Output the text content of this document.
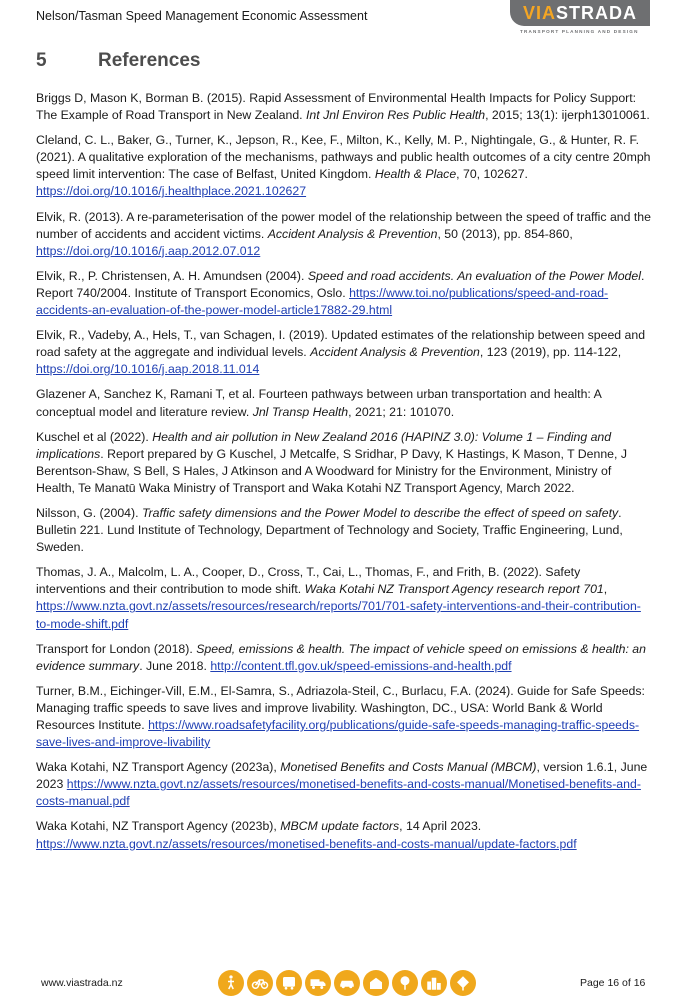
Nelson/Tasman Speed Management Economic Assessment	VIA STRADA
TRANSPORT PLANNING AND DESIGN
5	References

Briggs D, Mason K, Borman B. (2015). Rapid Assessment of Environmental Health Impacts for Policy Support: The Example of Road Transport in New Zealand. Int Jnl Environ Res Public Health, 2015; 13(1): ijerph13010061.

Cleland, C. L., Baker, G., Turner, K., Jepson, R., Kee, F., Milton, K., Kelly, M. P., Nightingale, G., & Hunter, R. F. (2021). A qualitative exploration of the mechanisms, pathways and public health outcomes of a city centre 20mph speed limit intervention: The case of Belfast, United Kingdom. Health & Place, 70, 102627. https://doi.org/10.1016/j.healthplace.2021.102627

Elvik, R. (2013). A re-parameterisation of the power model of the relationship between the speed of traffic and the number of accidents and accident victims. Accident Analysis & Prevention, 50 (2013), pp. 854-860, https://doi.org/10.1016/j.aap.2012.07.012

Elvik, R., P. Christensen, A. H. Amundsen (2004). Speed and road accidents. An evaluation of the Power Model. Report 740/2004. Institute of Transport Economics, Oslo. https://www.toi.no/publications/speed-and-road-accidents-an-evaluation-of-the-power-model-article17882-29.html

Elvik, R., Vadeby, A., Hels, T., van Schagen, I. (2019). Updated estimates of the relationship between speed and road safety at the aggregate and individual levels. Accident Analysis & Prevention, 123 (2019), pp. 114-122, https://doi.org/10.1016/j.aap.2018.11.014

Glazener A, Sanchez K, Ramani T, et al. Fourteen pathways between urban transportation and health: A conceptual model and literature review. Jnl Transp Health, 2021; 21: 101070.

Kuschel et al (2022). Health and air pollution in New Zealand 2016 (HAPINZ 3.0): Volume 1 – Finding and implications. Report prepared by G Kuschel, J Metcalfe, S Sridhar, P Davy, K Hastings, K Mason, T Denne, J Berentson-Shaw, S Bell, S Hales, J Atkinson and A Woodward for Ministry for the Environment, Ministry of Health, Te Manatū Waka Ministry of Transport and Waka Kotahi NZ Transport Agency, March 2022.

Nilsson, G. (2004). Traffic safety dimensions and the Power Model to describe the effect of speed on safety. Bulletin 221. Lund Institute of Technology, Department of Technology and Society, Traffic Engineering, Lund, Sweden.

Thomas, J. A., Malcolm, L. A., Cooper, D., Cross, T., Cai, L., Thomas, F., and Frith, B. (2022). Safety interventions and their contribution to mode shift. Waka Kotahi NZ Transport Agency research report 701, https://www.nzta.govt.nz/assets/resources/research/reports/701/701-safety-interventions-and-their-contribution-to-mode-shift.pdf

Transport for London (2018). Speed, emissions & health. The impact of vehicle speed on emissions & health: an evidence summary. June 2018. http://content.tfl.gov.uk/speed-emissions-and-health.pdf

Turner, B.M., Eichinger-Vill, E.M., El-Samra, S., Adriazola-Steil, C., Burlacu, F.A. (2024). Guide for Safe Speeds: Managing traffic speeds to save lives and improve livability. Washington, DC., USA: World Bank & World Resources Institute. https://www.roadsafetyfacility.org/publications/guide-safe-speeds-managing-traffic-speeds-save-lives-and-improve-livability

Waka Kotahi, NZ Transport Agency (2023a), Monetised Benefits and Costs Manual (MBCM), version 1.6.1, June 2023 https://www.nzta.govt.nz/assets/resources/monetised-benefits-and-costs-manual/Monetised-benefits-and-costs-manual.pdf

Waka Kotahi, NZ Transport Agency (2023b), MBCM update factors, 14 April 2023. https://www.nzta.govt.nz/assets/resources/monetised-benefits-and-costs-manual/update-factors.pdf

www.viastrada.nz	Page 16 of 16
